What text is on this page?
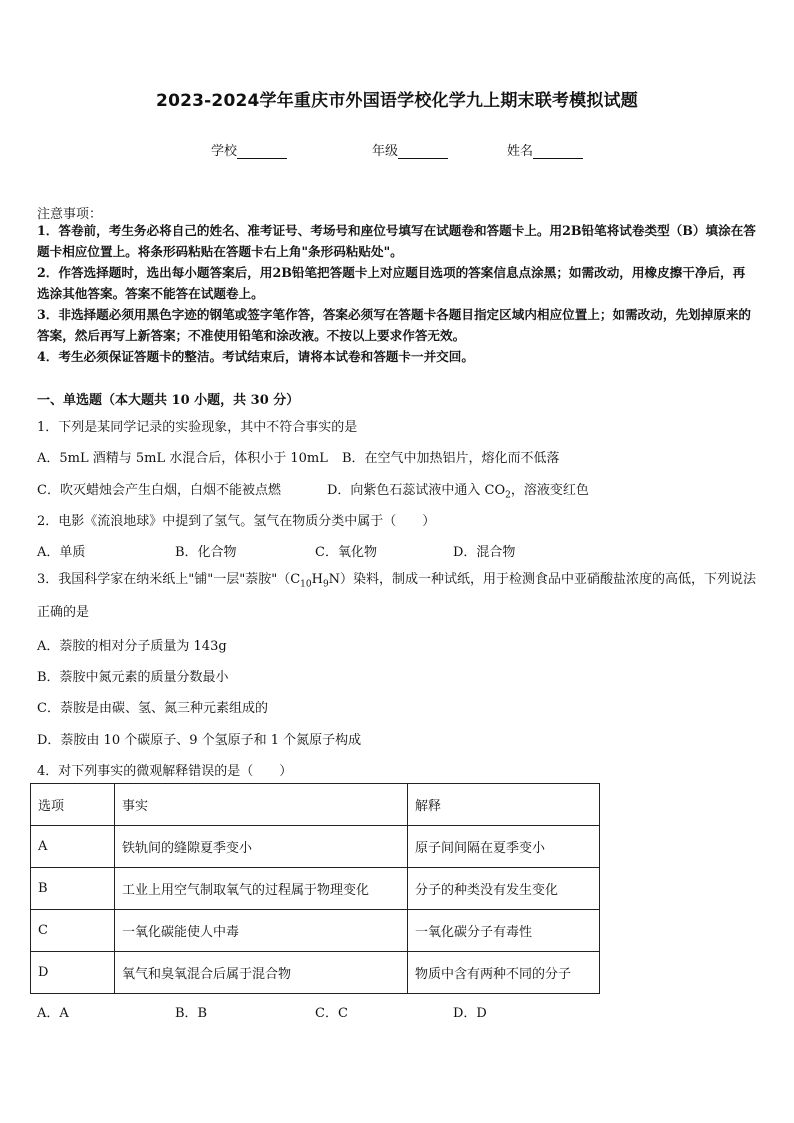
2023-2024学年重庆市外国语学校化学九上期末联考模拟试题
学校	年级	姓名
注意事项：
1．答卷前，考生务必将自己的姓名、准考证号、考场号和座位号填写在试题卷和答题卡上。用2B铅笔将试卷类型（B）填涂在答题卡相应位置上。将条形码粘贴在答题卡右上角"条形码粘贴处"。
2．作答选择题时，选出每小题答案后，用2B铅笔把答题卡上对应题目选项的答案信息点涂黑；如需改动，用橡皮擦干净后，再选涂其他答案。答案不能答在试题卷上。
3．非选择题必须用黑色字迹的钢笔或签字笔作答，答案必须写在答题卡各题目指定区域内相应位置上；如需改动，先划掉原来的答案，然后再写上新答案；不准使用铅笔和涂改液。不按以上要求作答无效。
4．考生必须保证答题卡的整洁。考试结束后，请将本试卷和答题卡一并交回。
一、单选题（本大题共 10 小题，共 30 分）
1．下列是某同学记录的实验现象，其中不符合事实的是
A．5mL 酒精与 5mL 水混合后，体积小于 10mL B．在空气中加热铝片，熔化而不低落
C．吹灭蜡烛会产生白烟，白烟不能被点燃	D．向紫色石蕊试液中通入 $CO_2$，溶液变红色
2．电影《流浪地球》中提到了氢气。氢气在物质分类中属于（　　）
A．单质	B．化合物	C．氧化物	D．混合物
3．我国科学家在纳米纸上"铺"一层"萘胺"$(C_{10}H_9N)$染料，制成一种试纸，用于检测食品中亚硝酸盐浓度的高低，下列说法正确的是
A．萘胺的相对分子质量为 143g
B．萘胺中氮元素的质量分数最小
C．萘胺是由碳、氢、氮三种元素组成的
D．萘胺由 10 个碳原子、9 个氢原子和 1 个氮原子构成
4．对下列事实的微观解释错误的是（　　）
选项	事实	解释
A	铁轨间的缝隙夏季变小	原子间间隔在夏季变小
B	工业上用空气制取氧气的过程属于物理变化	分子的种类没有发生变化
C	一氧化碳能使人中毒	一氧化碳分子有毒性
D	氧气和臭氧混合后属于混合物	物质中含有两种不同的分子
A．A	B．B	C．C	D．D
